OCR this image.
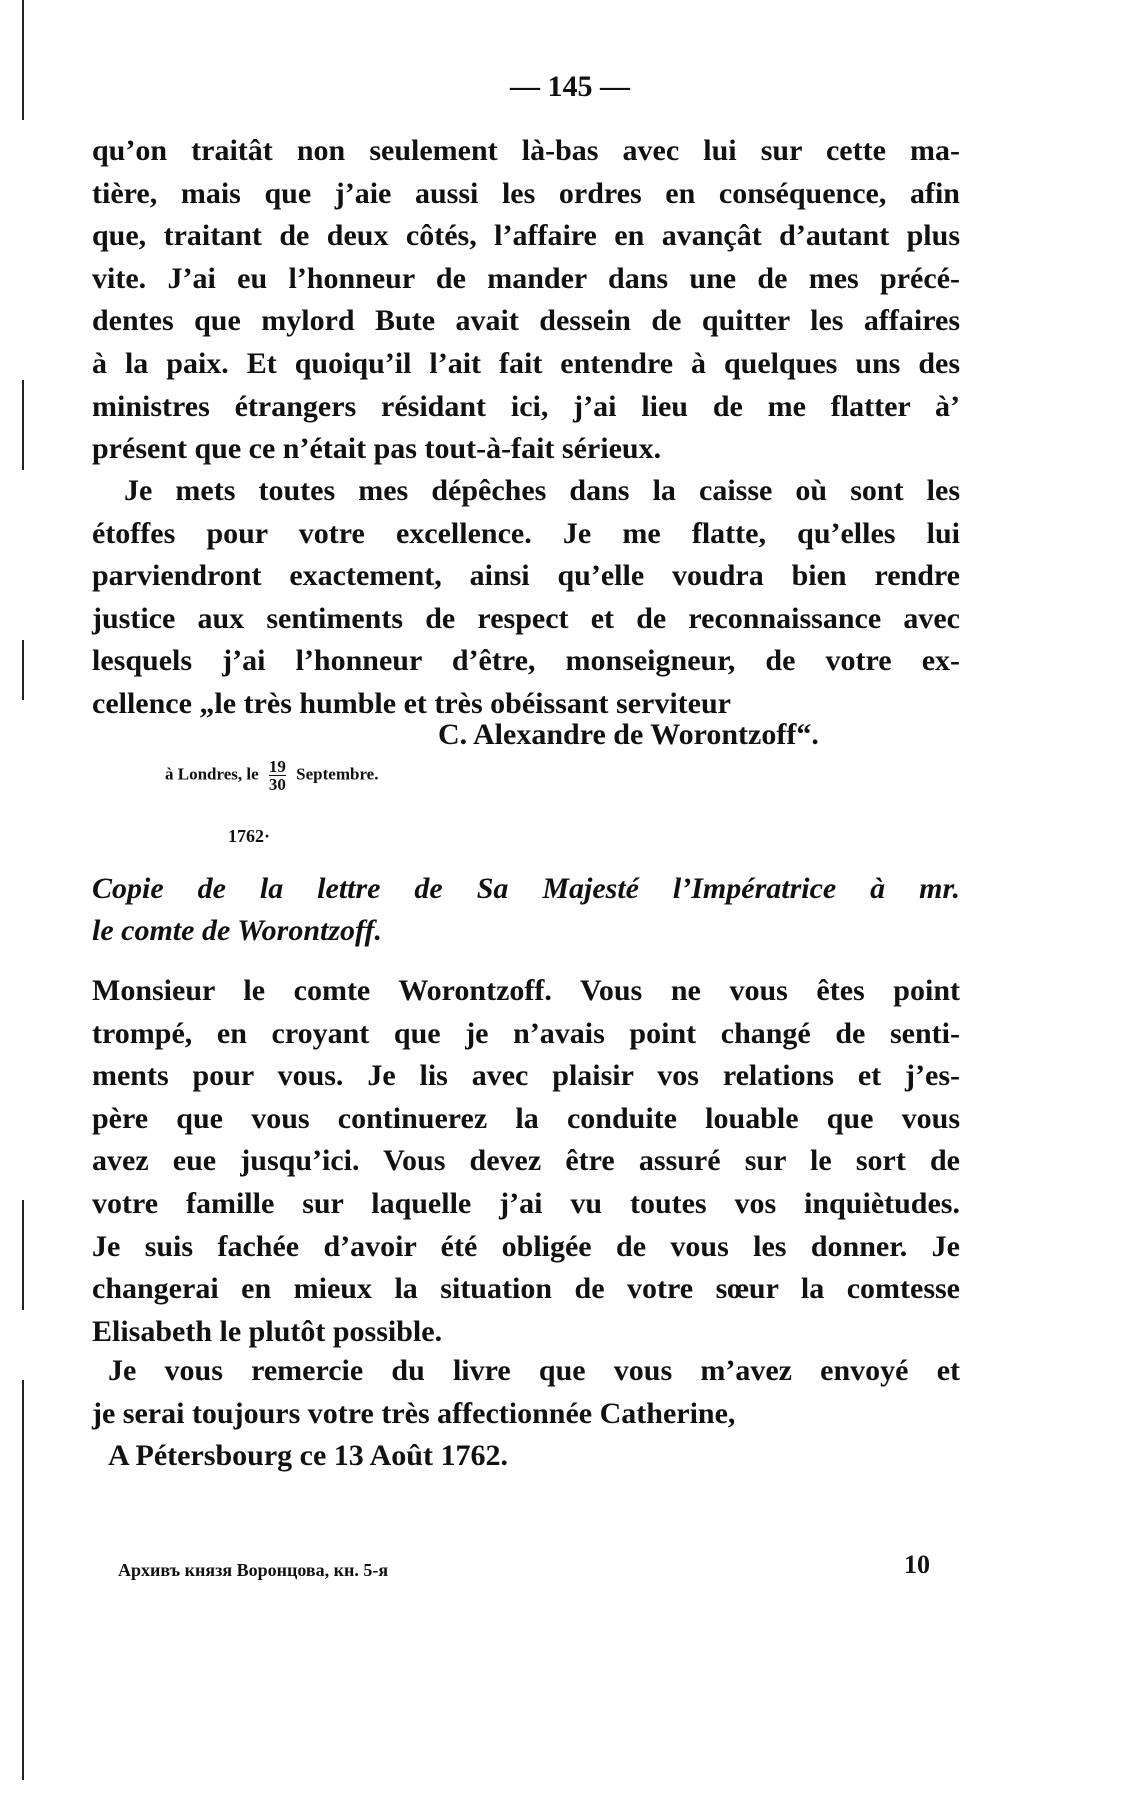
— 145 —
qu’on traitât non seulement là-bas avec lui sur cette ma-
tière, mais que j’aie aussi les ordres en conséquence, afin
que, traitant de deux côtés, l’affaire en avançât d’autant plus
vite. J’ai eu l’honneur de mander dans une de mes précé-
dentes que mylord Bute avait dessein de quitter les affaires
à la paix. Et quoiqu’il l’ait fait entendre à quelques uns des
ministres étrangers résidant ici, j’ai lieu de me flatter à’
présent que ce n’était pas tout-à-fait sérieux.
Je mets toutes mes dépêches dans la caisse où sont les
étoffes pour votre excellence. Je me flatte, qu’elles lui
parviendront exactement, ainsi qu’elle voudra bien rendre
justice aux sentiments de respect et de reconnaissance avec
lesquels j’ai l’honneur d’être, monseigneur, de votre ex-
cellence „le très humble et très obéissant serviteur
C. Alexandre de Worontzoff“.
à Londres, le $\frac{19}{30}$ Septembre.
1762·
Copie de la lettre de Sa Majesté l’Impératrice à mr.
le comte de Worontzoff.
Monsieur le comte Worontzoff. Vous ne vous êtes point
trompé, en croyant que je n’avais point changé de senti-
ments pour vous. Je lis avec plaisir vos relations et j’es-
père que vous continuerez la conduite louable que vous
avez eue jusqu’ici. Vous devez être assuré sur le sort de
votre famille sur laquelle j’ai vu toutes vos inquiètudes.
Je suis fachée d’avoir été obligée de vous les donner. Je
changerai en mieux la situation de votre sœur la comtesse
Elisabeth le plutôt possible.
Je vous remercie du livre que vous m’avez envoyé et
je serai toujours votre très affectionnée Catherine,
A Pétersbourg ce 13 Août 1762.
Архивъ князя Воронцова, кн. 5-я	10
